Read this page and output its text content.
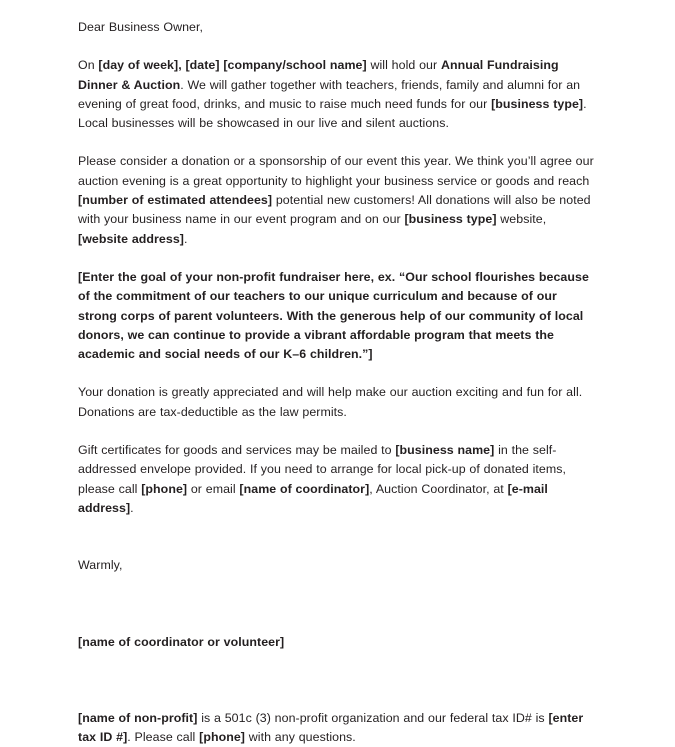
Dear Business Owner,

On [day of week], [date] [company/school name] will hold our Annual Fundraising Dinner & Auction. We will gather together with teachers, friends, family and alumni for an evening of great food, drinks, and music to raise much need funds for our [business type]. Local businesses will be showcased in our live and silent auctions.

Please consider a donation or a sponsorship of our event this year. We think you’ll agree our auction evening is a great opportunity to highlight your business service or goods and reach [number of estimated attendees] potential new customers! All donations will also be noted with your business name in our event program and on our [business type] website, [website address].

[Enter the goal of your non-profit fundraiser here, ex. “Our school flourishes because of the commitment of our teachers to our unique curriculum and because of our strong corps of parent volunteers. With the generous help of our community of local donors, we can continue to provide a vibrant affordable program that meets the academic and social needs of our K–6 children.”]

Your donation is greatly appreciated and will help make our auction exciting and fun for all. Donations are tax-deductible as the law permits.

Gift certificates for goods and services may be mailed to [business name] in the self-addressed envelope provided. If you need to arrange for local pick-up of donated items, please call [phone] or email [name of coordinator], Auction Coordinator, at [e-mail address].

Warmly,

[name of coordinator or volunteer]

[name of non-profit] is a 501c (3) non-profit organization and our federal tax ID# is [enter tax ID #]. Please call [phone] with any questions.
